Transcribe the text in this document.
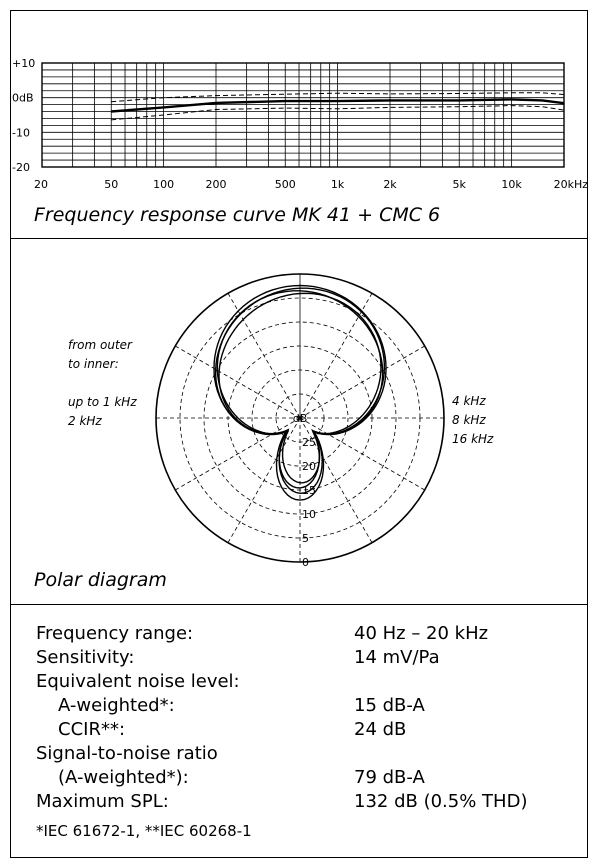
+10
0dB
-10
-20
20	50	100	200	500	1k	2k	5k	10k	20kHz
Frequency response curve MK 41 + CMC 6
dB
25
20
15
10
5
0
from outer
to inner:

up to 1 kHz
2 kHz
4 kHz
8 kHz
16 kHz
Polar diagram
Frequency range:	40 Hz – 20 kHz
Sensitivity:	14 mV/Pa
Equivalent noise level:
A-weighted*:	15 dB-A
CCIR**:	24 dB
Signal-to-noise ratio
(A-weighted*):	79 dB-A
Maximum SPL:	132 dB (0.5% THD)
*IEC 61672-1, **IEC 60268-1
